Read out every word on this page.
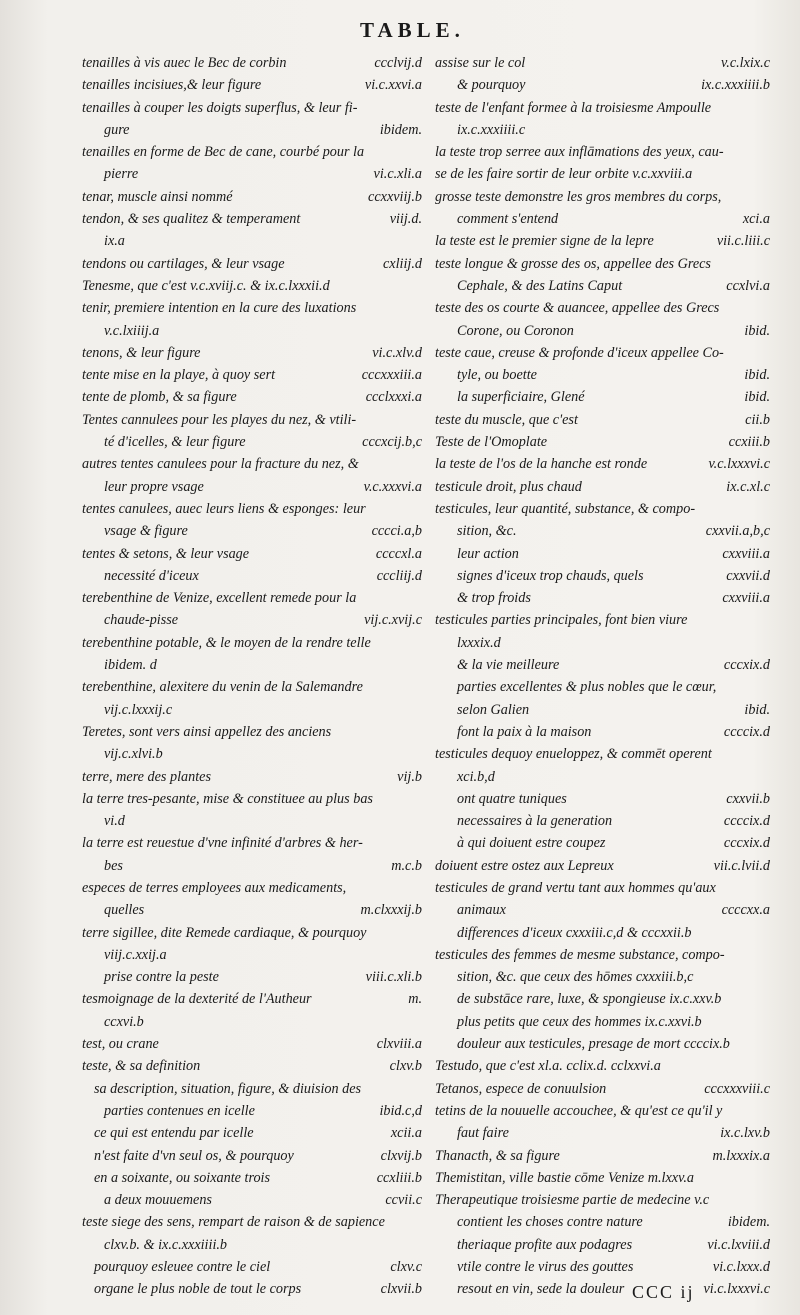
TABLE.
tenailles à vis auec le Bec de corbin	ccclvij.d
tenailles incisiues,& leur figure	vi.c.xxvi.a
tenailles à couper les doigts superflus, & leur fi-
gure	ibidem.
tenailles en forme de Bec de cane, courbé pour la
pierre	vi.c.xli.a
tenar, muscle ainsi nommé	ccxxviij.b
tendon, & ses qualitez & temperament	viij.d.
ix.a
tendons ou cartilages, & leur vsage	cxliij.d
Tenesme, que c'est v.c.xviij.c. & ix.c.lxxxii.d
tenir, premiere intention en la cure des luxations
v.c.lxiiij.a
tenons, & leur figure	vi.c.xlv.d
tente mise en la playe, à quoy sert	cccxxxiii.a
tente de plomb, & sa figure	ccclxxxi.a
Tentes cannulees pour les playes du nez, & vtili-
té d'icelles, & leur figure	cccxcij.b,c
autres tentes canulees pour la fracture du nez, &
leur propre vsage	v.c.xxxvi.a
tentes canulees, auec leurs liens & esponges: leur
vsage & figure	cccci.a,b
tentes & setons, & leur vsage	ccccxl.a
necessité d'iceux	cccliij.d
terebenthine de Venize, excellent remede pour la
chaude-pisse	vij.c.xvij.c
terebenthine potable, & le moyen de la rendre telle
ibidem. d
terebenthine, alexitere du venin de la Salemandre
vij.c.lxxxij.c
Teretes, sont vers ainsi appellez des anciens
vij.c.xlvi.b
terre, mere des plantes	vij.b
la terre tres-pesante, mise & constituee au plus bas
vi.d
la terre est reuestue d'vne infinité d'arbres & her-
bes	m.c.b
especes de terres employees aux medicaments,
quelles	m.clxxxij.b
terre sigillee, dite Remede cardiaque, & pourquoy
viij.c.xxij.a
prise contre la peste	viii.c.xli.b
tesmoignage de la dexterité de l'Autheur	m.
ccxvi.b
test, ou crane	clxviii.a
teste, & sa definition	clxv.b
sa description, situation, figure, & diuision des
parties contenues en icelle	ibid.c,d
ce qui est entendu par icelle	xcii.a
n'est faite d'vn seul os, & pourquoy	clxvij.b
en a soixante, ou soixante trois	ccxliii.b
a deux mouuemens	ccvii.c
teste siege des sens, rempart de raison & de sapience
clxv.b. & ix.c.xxxiiii.b
pourquoy esleuee contre le ciel	clxv.c
organe le plus noble de tout le corps	clxvii.b
assise sur le col	v.c.lxix.c
& pourquoy	ix.c.xxxiiii.b
teste de l'enfant formee à la troisiesme Ampoulle
ix.c.xxxiiii.c
la teste trop serree aux inflāmations des yeux, cau-
se de les faire sortir de leur orbite v.c.xxviii.a
grosse teste demonstre les gros membres du corps,
comment s'entend	xci.a
la teste est le premier signe de la lepre	vii.c.liii.c
teste longue & grosse des os, appellee des Grecs
Cephale, & des Latins Caput	ccxlvi.a
teste des os courte & auancee, appellee des Grecs
Corone, ou Coronon	ibid.
teste caue, creuse & profonde d'iceux appellee Co-
tyle, ou boette	ibid.
la superficiaire, Glené	ibid.
teste du muscle, que c'est	cii.b
Teste de l'Omoplate	ccxiii.b
la teste de l'os de la hanche est ronde	v.c.lxxxvi.c
testicule droit, plus chaud	ix.c.xl.c
testicules, leur quantité, substance, & compo-
sition, &c.	cxxvii.a,b,c
leur action	cxxviii.a
signes d'iceux trop chauds, quels	cxxvii.d
& trop froids	cxxviii.a
testicules parties principales, font bien viure
lxxxix.d
& la vie meilleure	cccxix.d
parties excellentes & plus nobles que le cœur,
selon Galien	ibid.
font la paix à la maison	ccccix.d
testicules dequoy enueloppez, & commēt operent
xci.b,d
ont quatre tuniques	cxxvii.b
necessaires à la generation	ccccix.d
à qui doiuent estre coupez	cccxix.d
doiuent estre ostez aux Lepreux	vii.c.lvii.d
testicules de grand vertu tant aux hommes qu'aux
animaux	ccccxx.a
differences d'iceux cxxxiii.c,d & cccxxii.b
testicules des femmes de mesme substance, compo-
sition, &c. que ceux des hōmes cxxxiii.b,c
de substāce rare, luxe, & spongieuse ix.c.xxv.b
plus petits que ceux des hommes ix.c.xxvi.b
douleur aux testicules, presage de mort ccccix.b
Testudo, que c'est xl.a. cclix.d. cclxxvi.a
Tetanos, espece de conuulsion	cccxxxviii.c
tetins de la nouuelle accouchee, & qu'est ce qu'il y
faut faire	ix.c.lxv.b
Thanacth, & sa figure	m.lxxxix.a
Themistitan, ville bastie cōme Venize m.lxxv.a
Therapeutique troisiesme partie de medecine v.c
contient les choses contre nature	ibidem.
theriaque profite aux podagres	vi.c.lxviii.d
vtile contre le virus des gouttes	vi.c.lxxx.d
resout en vin, sede la douleur	vi.c.lxxxvi.c
CCC ij
